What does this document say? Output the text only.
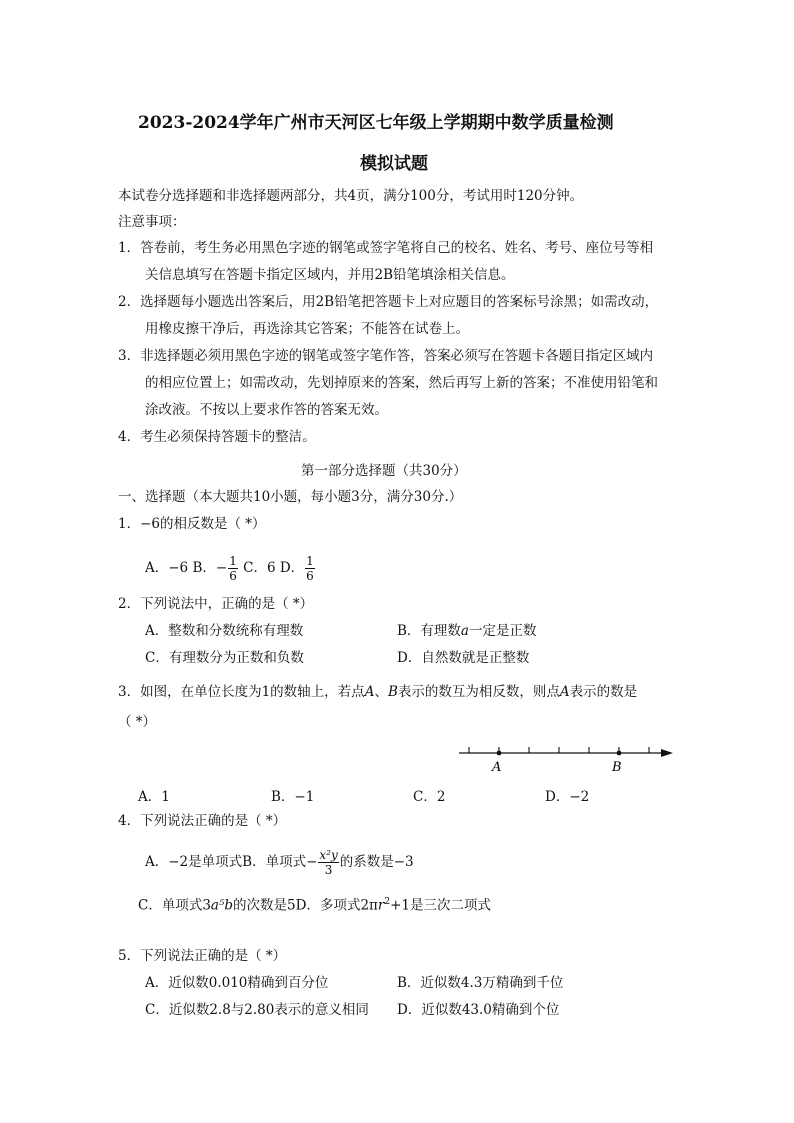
2023-2024学年广州市天河区七年级上学期期中数学质量检测
模拟试题
本试卷分选择题和非选择题两部分，共4页，满分100分，考试用时120分钟。
注意事项：
1．答卷前，考生务必用黑色字迹的钢笔或签字笔将自己的校名、姓名、考号、座位号等相
关信息填写在答题卡指定区域内，并用2B铅笔填涂相关信息。
2．选择题每小题选出答案后，用2B铅笔把答题卡上对应题目的答案标号涂黑；如需改动，
用橡皮擦干净后，再选涂其它答案；不能答在试卷上。
3．非选择题必须用黑色字迹的钢笔或签字笔作答，答案必须写在答题卡各题目指定区域内
的相应位置上；如需改动，先划掉原来的答案，然后再写上新的答案；不准使用铅笔和
涂改液。不按以上要求作答的答案无效。
4．考生必须保持答题卡的整洁。
第一部分选择题（共30分）
一、选择题（本大题共10小题，每小题3分，满分30分.）
1．−6的相反数是（ *）
A．−6 B．− $\frac{1}{6}$ C．6 D． $\frac{1}{6}$
2．下列说法中，正确的是（ *）
A．整数和分数统称有理数	B．有理数a一定是正数
C．有理数分为正数和负数	D．自然数就是正整数
3．如图，在单位长度为1的数轴上，若点A、B表示的数互为相反数，则点A表示的数是
（ *）
A	B
A．1	B．−1	C．2	D．−2
4．下列说法正确的是（ *）
A．−2是单项式B．单项式− $\frac{\text{x²y}}{3}$ 的系数是−3
C．单项式3a⁵b的次数是5D．多项式$2\pi r^2+1$是三次二项式
5．下列说法正确的是（ *）
A．近似数0.010精确到百分位	B．近似数4.3万精确到千位
C．近似数2.8与2.80表示的意义相同 D．近似数43.0精确到个位
